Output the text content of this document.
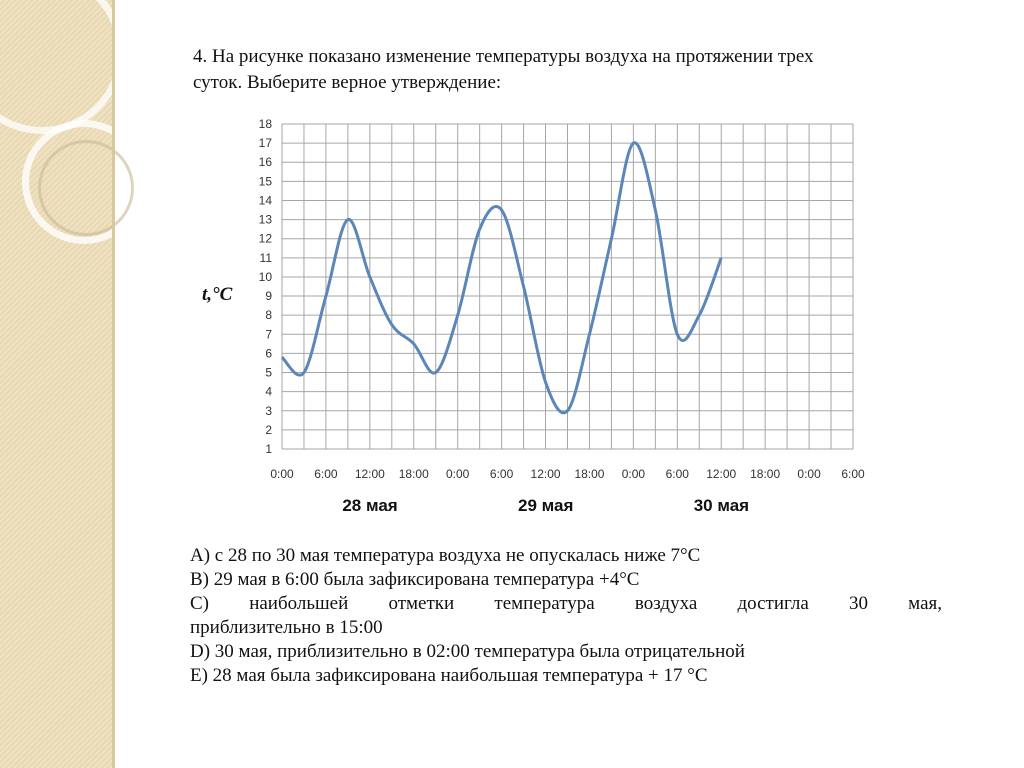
4. На рисунке показано изменение температуры воздуха на протяжении трех
суток. Выберите верное утверждение:
t,°C
1
2
3
4
5
6
7
8
9
10
11
12
13
14
15
16
17
18
0:00 6:00 12:00 18:00 0:00 6:00 12:00 18:00 0:00 6:00 12:00 18:00 0:00 6:00
28 мая	29 мая	30 мая
А) с 28 по 30 мая температура воздуха не опускалась ниже 7°С
В) 29 мая в 6:00 была зафиксирована температура +4°С
С) наибольшей отметки температура воздуха достигла 30 мая,
приблизительно в 15:00
D) 30 мая, приблизительно в 02:00 температура была отрицательной
Е) 28 мая была зафиксирована наибольшая температура + 17 °С
